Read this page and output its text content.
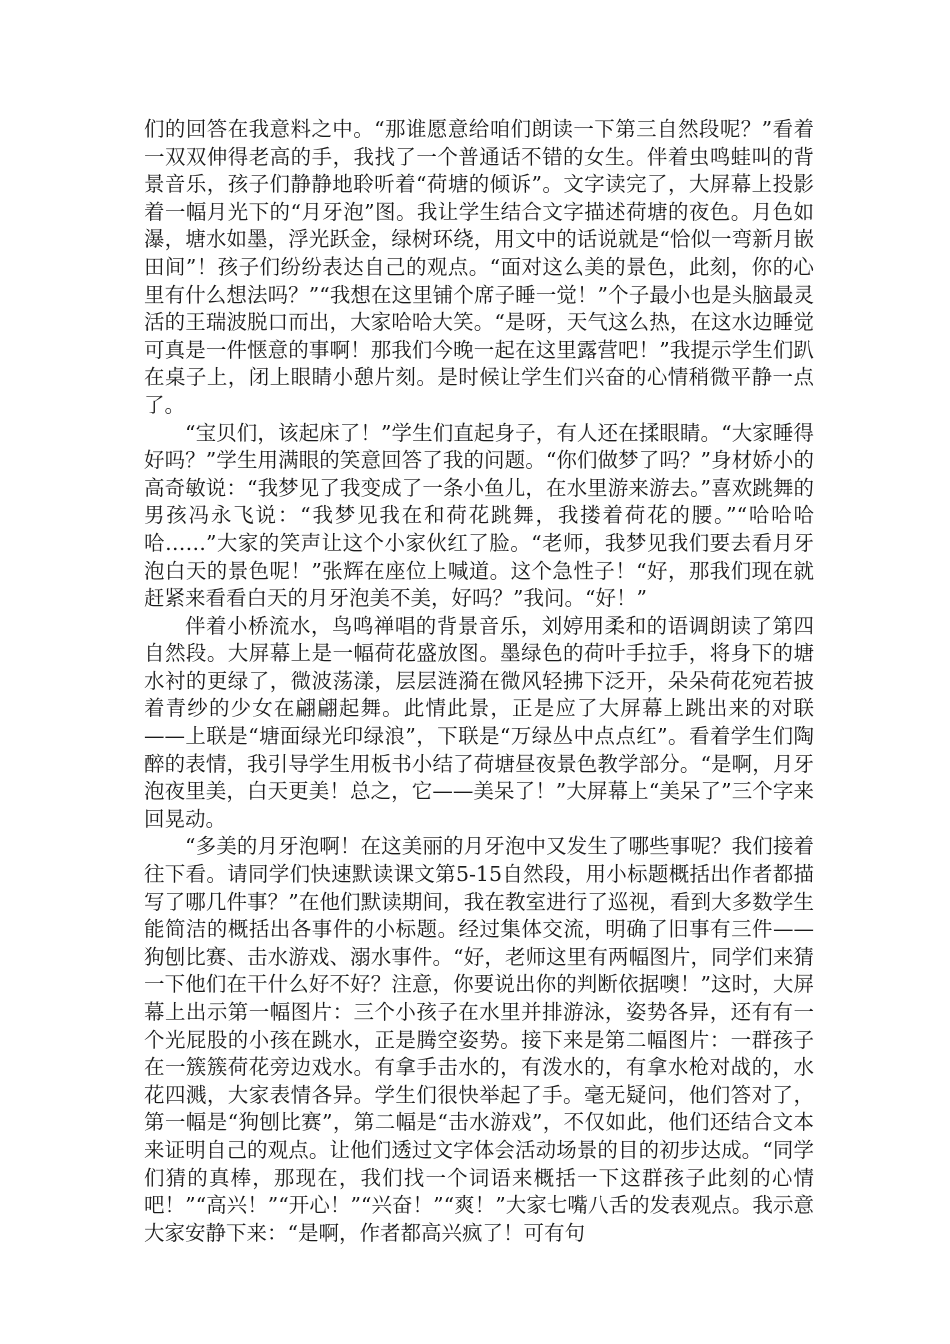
们的回答在我意料之中。“那谁愿意给咱们朗读一下第三自然段呢？”看着一双双伸得老高的手，我找了一个普通话不错的女生。伴着虫鸣蛙叫的背景音乐，孩子们静静地聆听着“荷塘的倾诉”。文字读完了，大屏幕上投影着一幅月光下的“月牙泡”图。我让学生结合文字描述荷塘的夜色。月色如瀑，塘水如墨，浮光跃金，绿树环绕，用文中的话说就是“恰似一弯新月嵌田间”！孩子们纷纷表达自己的观点。“面对这么美的景色，此刻，你的心里有什么想法吗？”“我想在这里铺个席子睡一觉！”个子最小也是头脑最灵活的王瑞波脱口而出，大家哈哈大笑。“是呀，天气这么热，在这水边睡觉可真是一件惬意的事啊！那我们今晚一起在这里露营吧！”我提示学生们趴在桌子上，闭上眼睛小憩片刻。是时候让学生们兴奋的心情稍微平静一点了。

“宝贝们，该起床了！”学生们直起身子，有人还在揉眼睛。“大家睡得好吗？”学生用满眼的笑意回答了我的问题。“你们做梦了吗？”身材娇小的高奇敏说：“我梦见了我变成了一条小鱼儿，在水里游来游去。”喜欢跳舞的男孩冯永飞说：“我梦见我在和荷花跳舞，我搂着荷花的腰。”“哈哈哈哈……”大家的笑声让这个小家伙红了脸。“老师，我梦见我们要去看月牙泡白天的景色呢！”张辉在座位上喊道。这个急性子！“好，那我们现在就赶紧来看看白天的月牙泡美不美，好吗？”我问。“好！”

伴着小桥流水，鸟鸣禅唱的背景音乐，刘婷用柔和的语调朗读了第四自然段。大屏幕上是一幅荷花盛放图。墨绿色的荷叶手拉手，将身下的塘水衬的更绿了，微波荡漾，层层涟漪在微风轻拂下泛开，朵朵荷花宛若披着青纱的少女在翩翩起舞。此情此景，正是应了大屏幕上跳出来的对联——上联是“塘面绿光印绿浪”，下联是“万绿丛中点点红”。看着学生们陶醉的表情，我引导学生用板书小结了荷塘昼夜景色教学部分。“是啊，月牙泡夜里美，白天更美！总之，它——美呆了！”大屏幕上“美呆了”三个字来回晃动。

“多美的月牙泡啊！在这美丽的月牙泡中又发生了哪些事呢？我们接着往下看。请同学们快速默读课文第5-15自然段，用小标题概括出作者都描写了哪几件事？”在他们默读期间，我在教室进行了巡视，看到大多数学生能简洁的概括出各事件的小标题。经过集体交流，明确了旧事有三件——狗刨比赛、击水游戏、溺水事件。“好，老师这里有两幅图片，同学们来猜一下他们在干什么好不好？注意，你要说出你的判断依据噢！”这时，大屏幕上出示第一幅图片：三个小孩子在水里并排游泳，姿势各异，还有有一个光屁股的小孩在跳水，正是腾空姿势。接下来是第二幅图片：一群孩子在一簇簇荷花旁边戏水。有拿手击水的，有泼水的，有拿水枪对战的，水花四溅，大家表情各异。学生们很快举起了手。毫无疑问，他们答对了，第一幅是“狗刨比赛”，第二幅是“击水游戏”，不仅如此，他们还结合文本来证明自己的观点。让他们透过文字体会活动场景的目的初步达成。“同学们猜的真棒，那现在，我们找一个词语来概括一下这群孩子此刻的心情吧！”“高兴！”“开心！”“兴奋！”“爽！”大家七嘴八舌的发表观点。我示意大家安静下来：“是啊，作者都高兴疯了！可有句
